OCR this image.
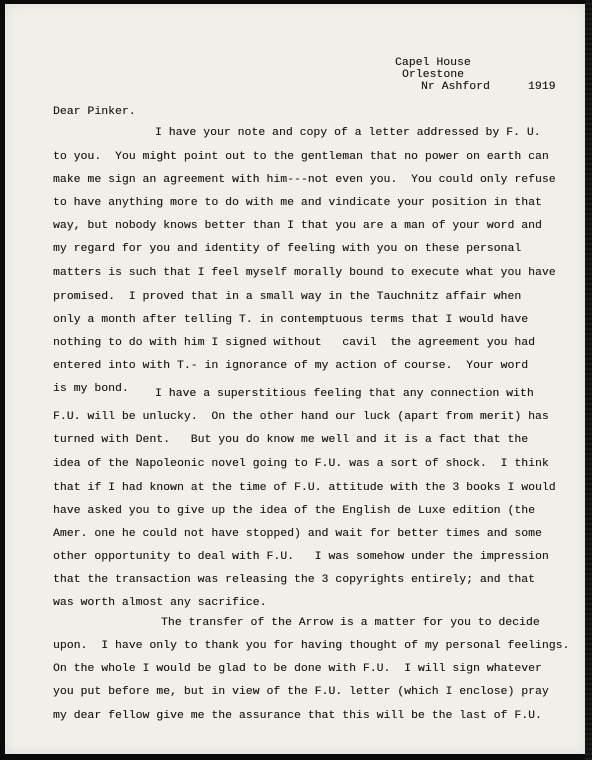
Capel House
Orlestone
Nr Ashford	1919
Dear Pinker.
I have your note and copy of a letter addressed by F. U.
to you.  You might point out to the gentleman that no power on earth can
make me sign an agreement with him---not even you.  You could only refuse
to have anything more to do with me and vindicate your position in that
way, but nobody knows better than I that you are a man of your word and
my regard for you and identity of feeling with you on these personal
matters is such that I feel myself morally bound to execute what you have
promised.  I proved that in a small way in the Tauchnitz affair when
only a month after telling T. in contemptuous terms that I would have
nothing to do with him I signed without   cavil  the agreement you had
entered into with T.- in ignorance of my action of course.  Your word
is my bond. I have a superstitious feeling that any connection with
F.U. will be unlucky.  On the other hand our luck (apart from merit) has
turned with Dent.   But you do know me well and it is a fact that the
idea of the Napoleonic novel going to F.U. was a sort of shock.  I think
that if I had known at the time of F.U. attitude with the 3 books I would
have asked you to give up the idea of the English de Luxe edition (the
Amer. one he could not have stopped) and wait for better times and some
other opportunity to deal with F.U.   I was somehow under the impression
that the transaction was releasing the 3 copyrights entirely; and that
was worth almost any sacrifice.
The transfer of the Arrow is a matter for you to decide
upon.  I have only to thank you for having thought of my personal feelings.
On the whole I would be glad to be done with F.U.  I will sign whatever
you put before me, but in view of the F.U. letter (which I enclose) pray
my dear fellow give me the assurance that this will be the last of F.U.
